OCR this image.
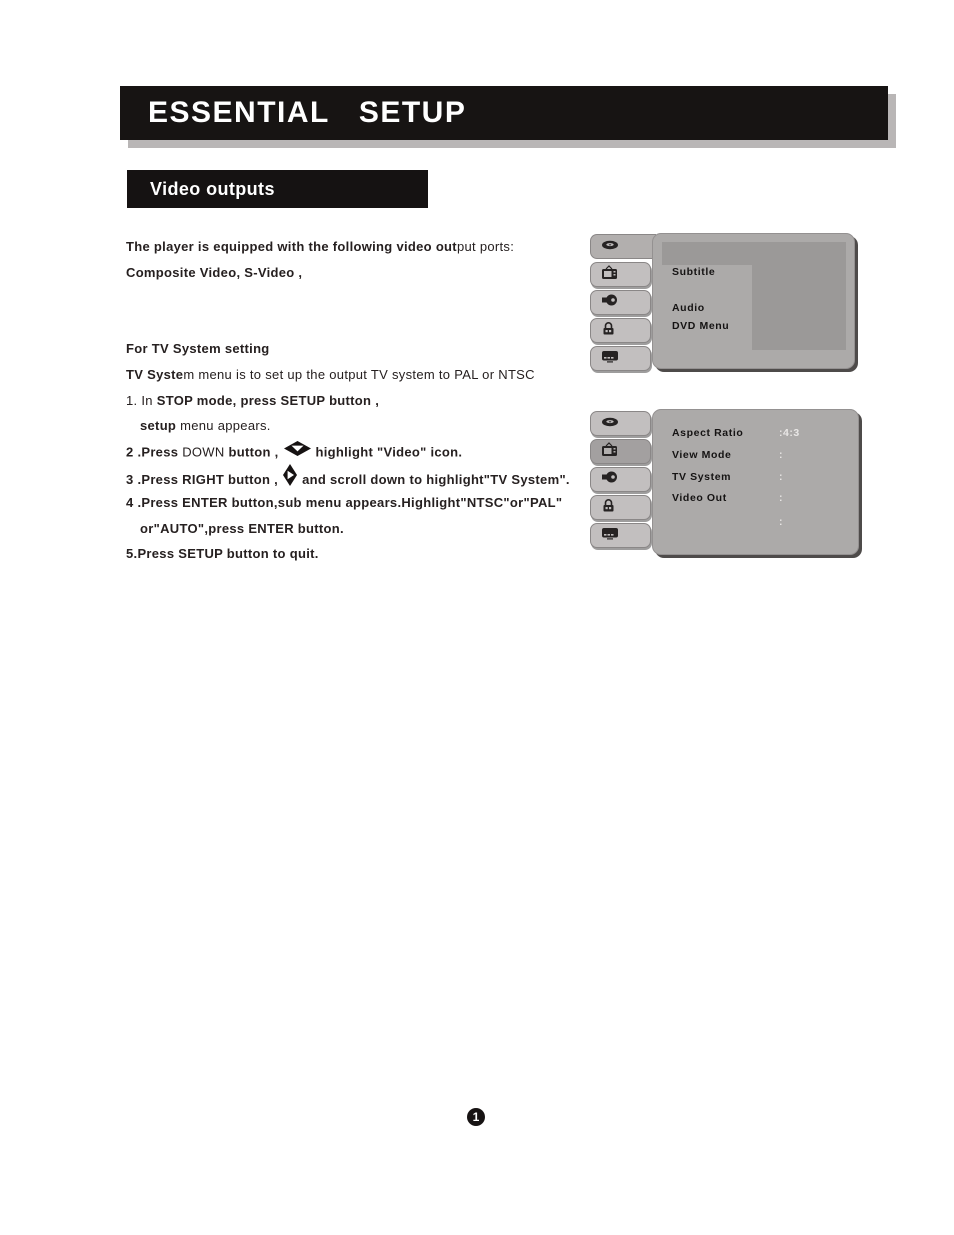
ESSENTIAL   SETUP
Video outputs
The player is equipped with the following video output ports:
Composite Video, S-Video ,
For TV System setting
TV System menu is to set up the output TV system to PAL or NTSC
1. In STOP mode, press SETUP button ,
setup menu appears.
2 .Press DOWN button ,	highlight "Video" icon.
3 .Press RIGHT button , and scroll down to highlight"TV System".
4 .Press ENTER button,sub menu appears.Highlight"NTSC"or"PAL"
or"AUTO",press ENTER button.
5.Press SETUP button to quit.
Subtitle
Audio
DVD Menu
Aspect Ratio	:4:3
View Mode	:
TV System	:
Video Out	:
:
1
